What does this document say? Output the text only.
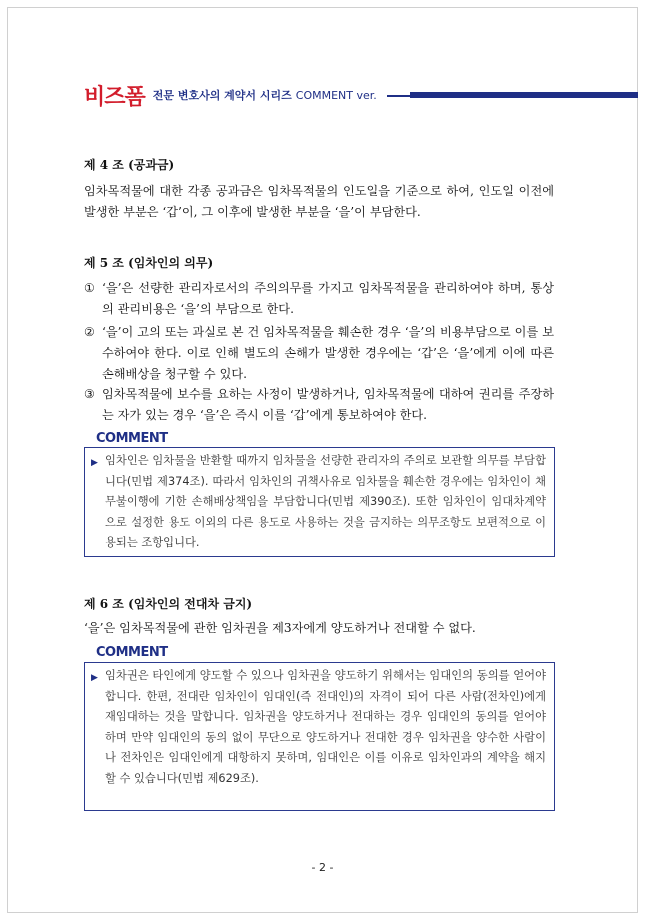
비즈폼 전문 변호사의 계약서 시리즈 COMMENT ver.
제 4 조 (공과금)
임차목적물에 대한 각종 공과금은 임차목적물의 인도일을 기준으로 하여, 인도일 이전에 발생한 부분은 ‘갑’이, 그 이후에 발생한 부분을 ‘을’이 부담한다.
제 5 조 (임차인의 의무)
① ‘을’은 선량한 관리자로서의 주의의무를 가지고 임차목적물을 관리하여야 하며, 통상의 관리비용은 ‘을’의 부담으로 한다.
② ‘을’이 고의 또는 과실로 본 건 임차목적물을 훼손한 경우 ‘을’의 비용부담으로 이를 보수하여야 한다. 이로 인해 별도의 손해가 발생한 경우에는 ‘갑’은 ‘을’에게 이에 따른 손해배상을 청구할 수 있다.
③ 임차목적물에 보수를 요하는 사정이 발생하거나, 임차목적물에 대하여 권리를 주장하는 자가 있는 경우 ‘을’은 즉시 이를 ‘갑’에게 통보하여야 한다.
COMMENT
▶ 임차인은 임차물을 반환할 때까지 임차물을 선량한 관리자의 주의로 보관할 의무를 부담합니다(민법 제374조). 따라서 임차인의 귀책사유로 임차물을 훼손한 경우에는 임차인이 채무불이행에 기한 손해배상책임을 부담합니다(민법 제390조). 또한 임차인이 임대차계약으로 설정한 용도 이외의 다른 용도로 사용하는 것을 금지하는 의무조항도 보편적으로 이용되는 조항입니다.
제 6 조 (임차인의 전대차 금지)
‘을’은 임차목적물에 관한 임차권을 제3자에게 양도하거나 전대할 수 없다.
COMMENT
▶ 임차권은 타인에게 양도할 수 있으나 임차권을 양도하기 위해서는 임대인의 동의를 얻어야 합니다. 한편, 전대란 임차인이 임대인(즉 전대인)의 자격이 되어 다른 사람(전차인)에게 재임대하는 것을 말합니다. 임차권을 양도하거나 전대하는 경우 임대인의 동의를 얻어야 하며 만약 임대인의 동의 없이 무단으로 양도하거나 전대한 경우 임차권을 양수한 사람이나 전차인은 임대인에게 대항하지 못하며, 임대인은 이를 이유로 임차인과의 계약을 해지할 수 있습니다(민법 제629조).
- 2 -
